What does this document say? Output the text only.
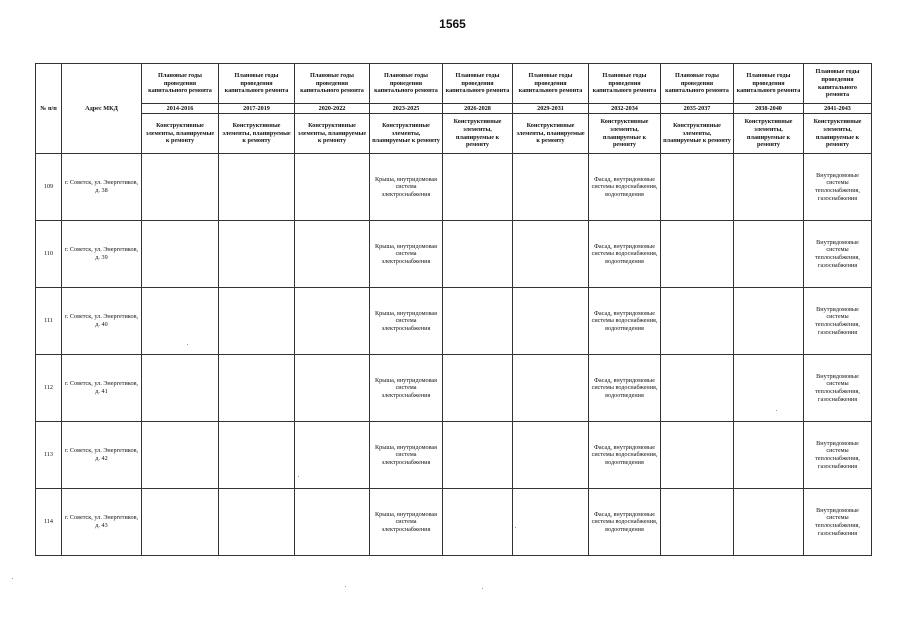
1565
№ п/п	Адрес МКД	Плановые годы проведения капитального ремонта	Плановые годы проведения капитального ремонта	Плановые годы проведения капитального ремонта	Плановые годы проведения капитального ремонта	Плановые годы проведения капитального ремонта	Плановые годы проведения капитального ремонта	Плановые годы проведения капитального ремонта	Плановые годы проведения капитального ремонта	Плановые годы проведения капитального ремонта	Плановые годы проведения капитального ремонта
		2014-2016	2017-2019	2020-2022	2023-2025	2026-2028	2029-2031	2032-2034	2035-2037	2038-2040	2041-2043
		Конструктивные элементы, планируемые к ремонту	Конструктивные элементы, планируемые к ремонту	Конструктивные элементы, планируемые к ремонту	Конструктивные элементы, планируемые к ремонту	Конструктивные элементы, планируемые к ремонту	Конструктивные элементы, планируемые к ремонту	Конструктивные элементы, планируемые к ремонту	Конструктивные элементы, планируемые к ремонту	Конструктивные элементы, планируемые к ремонту	Конструктивные элементы, планируемые к ремонту
109	г. Советск, ул. Энергетиков, д. 38				Крыша, внутридомовая система электроснабжения			Фасад, внутридомовые системы водоснабжения, водоотведения			Внутридомовые системы теплоснабжения, газоснабжения
110	г. Советск, ул. Энергетиков, д. 39				Крыша, внутридомовая система электроснабжения			Фасад, внутридомовые системы водоснабжения, водоотведения			Внутридомовые системы теплоснабжения, газоснабжения
111	г. Советск, ул. Энергетиков, д. 40				Крыша, внутридомовая система электроснабжения			Фасад, внутридомовые системы водоснабжения, водоотведения			Внутридомовые системы теплоснабжения, газоснабжения
112	г. Советск, ул. Энергетиков, д. 41				Крыша, внутридомовая система электроснабжения			Фасад, внутридомовые системы водоснабжения, водоотведения			Внутридомовые системы теплоснабжения, газоснабжения
113	г. Советск, ул. Энергетиков, д. 42				Крыша, внутридомовая система электроснабжения			Фасад, внутридомовые системы водоснабжения, водоотведения			Внутридомовые системы теплоснабжения, газоснабжения
114	г. Советск, ул. Энергетиков, д. 43				Крыша, внутридомовая система электроснабжения			Фасад, внутридомовые системы водоснабжения, водоотведения			Внутридомовые системы теплоснабжения, газоснабжения
